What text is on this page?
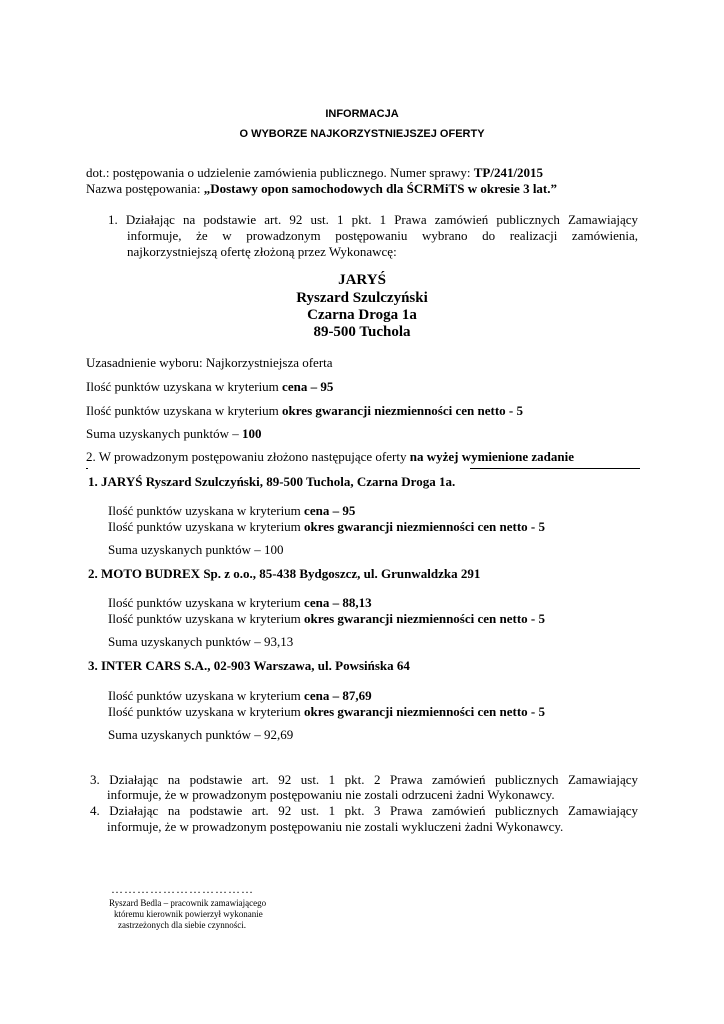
INFORMACJA
O WYBORZE NAJKORZYSTNIEJSZEJ OFERTY
dot.: postępowania o udzielenie zamówienia publicznego. Numer sprawy: TP/241/2015
Nazwa postępowania: „Dostawy opon samochodowych dla ŚCRMiTS w okresie 3 lat.”
1. Działając na podstawie art. 92 ust. 1 pkt. 1 Prawa zamówień publicznych Zamawiający
informuje, że w prowadzonym postępowaniu wybrano do realizacji zamówienia,
najkorzystniejszą ofertę złożoną przez Wykonawcę:
JARYŚ
Ryszard Szulczyński
Czarna Droga 1a
89-500 Tuchola
Uzasadnienie wyboru: Najkorzystniejsza oferta
Ilość punktów uzyskana w kryterium cena – 95
Ilość punktów uzyskana w kryterium okres gwarancji niezmienności cen netto - 5
Suma uzyskanych punktów – 100
2. W prowadzonym postępowaniu złożono następujące oferty na wyżej wymienione zadanie
1. JARYŚ Ryszard Szulczyński, 89-500 Tuchola, Czarna Droga 1a.
Ilość punktów uzyskana w kryterium cena – 95
Ilość punktów uzyskana w kryterium okres gwarancji niezmienności cen netto - 5
Suma uzyskanych punktów – 100
2. MOTO BUDREX Sp. z o.o., 85-438 Bydgoszcz, ul. Grunwaldzka 291
Ilość punktów uzyskana w kryterium cena – 88,13
Ilość punktów uzyskana w kryterium okres gwarancji niezmienności cen netto - 5
Suma uzyskanych punktów – 93,13
3. INTER CARS S.A., 02-903 Warszawa, ul. Powsińska 64
Ilość punktów uzyskana w kryterium cena – 87,69
Ilość punktów uzyskana w kryterium okres gwarancji niezmienności cen netto - 5
Suma uzyskanych punktów – 92,69
3. Działając na podstawie art. 92 ust. 1 pkt. 2 Prawa zamówień publicznych Zamawiający
informuje, że w prowadzonym postępowaniu nie zostali odrzuceni żadni Wykonawcy.
4. Działając na podstawie art. 92 ust. 1 pkt. 3 Prawa zamówień publicznych Zamawiający
informuje, że w prowadzonym postępowaniu nie zostali wykluczeni żadni Wykonawcy.
……………………………
Ryszard Bedla – pracownik zamawiającego
któremu kierownik powierzył wykonanie
zastrzeżonych dla siebie czynności.
